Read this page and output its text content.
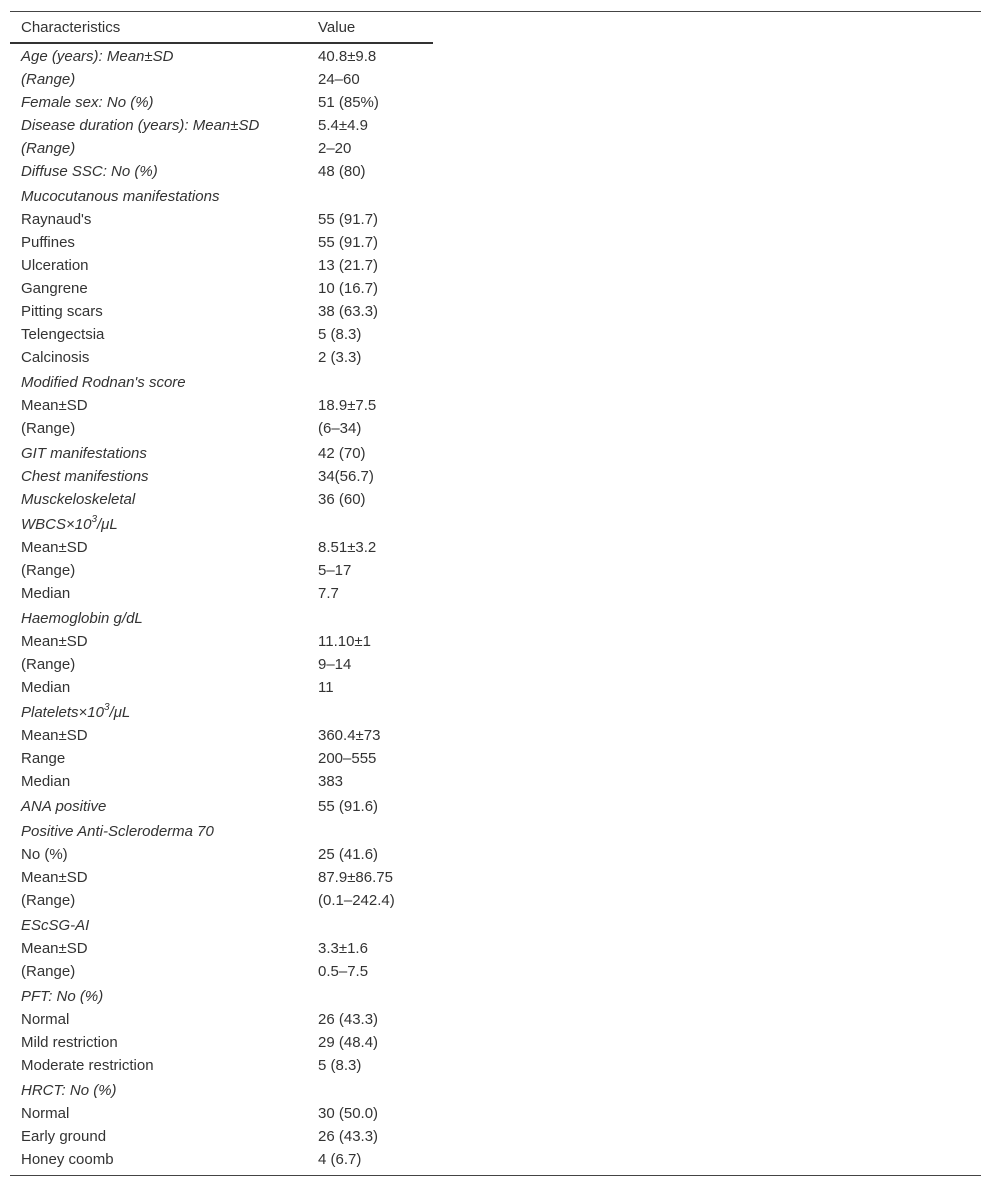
Characteristics	Value
Age (years): Mean±SD	40.8±9.8
(Range)	24–60
Female sex: No (%)	51 (85%)
Disease duration (years): Mean±SD	5.4±4.9
(Range)	2–20
Diffuse SSC: No (%)	48 (80)
Mucocutanous manifestations
Raynaud's	55 (91.7)
Puffines	55 (91.7)
Ulceration	13 (21.7)
Gangrene	10 (16.7)
Pitting scars	38 (63.3)
Telengectsia	5 (8.3)
Calcinosis	2 (3.3)
Modified Rodnan's score
Mean±SD	18.9±7.5
(Range)	(6–34)
GIT manifestations	42 (70)
Chest manifestions	34(56.7)
Musckeloskeletal	36 (60)
$WBCS\times 10^3/\mu L$
Mean±SD	8.51±3.2
(Range)	5–17
Median	7.7
Haemoglobin g/dL
Mean±SD	11.10±1
(Range)	9–14
Median	11
$Platelets\times 10^3/\mu L$
Mean±SD	360.4±73
Range	200–555
Median	383
ANA positive	55 (91.6)
Positive Anti-Scleroderma 70
No (%)	25 (41.6)
Mean±SD	87.9±86.75
(Range)	(0.1–242.4)
EScSG-AI
Mean±SD	3.3±1.6
(Range)	0.5–7.5
PFT: No (%)
Normal	26 (43.3)
Mild restriction	29 (48.4)
Moderate restriction	5 (8.3)
HRCT: No (%)
Normal	30 (50.0)
Early ground	26 (43.3)
Honey coomb	4 (6.7)
